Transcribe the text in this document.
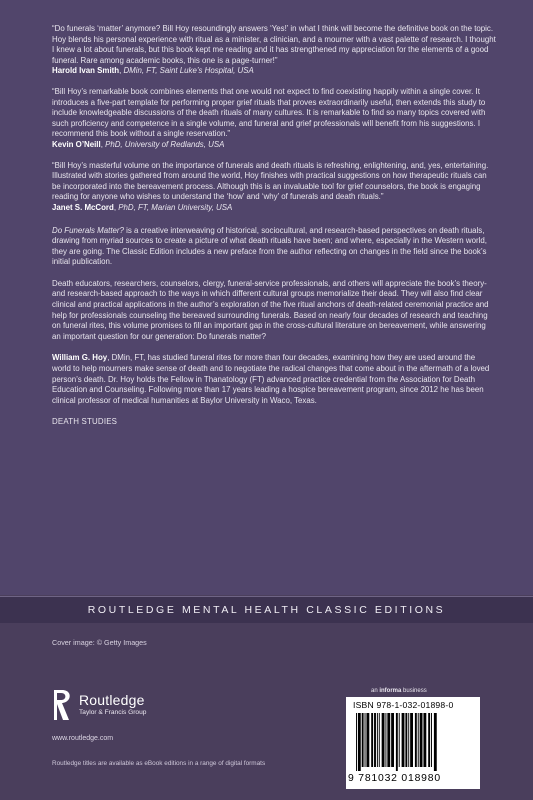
“Do funerals ‘matter’ anymore? Bill Hoy resoundingly answers ‘Yes!’ in what I think will become the definitive book on the topic. Hoy blends his personal experience with ritual as a minister, a clinician, and a mourner with a vast palette of research. I thought I knew a lot about funerals, but this book kept me reading and it has strengthened my appreciation for the elements of a good funeral. Rare among academic books, this one is a page-turner!”

Harold Ivan Smith, DMin, FT, Saint Luke’s Hospital, USA

“Bill Hoy’s remarkable book combines elements that one would not expect to find coexisting happily within a single cover. It introduces a five-part template for performing proper grief rituals that proves extraordinarily useful, then extends this study to include knowledgeable discussions of the death rituals of many cultures. It is remarkable to find so many topics covered with such proficiency and competence in a single volume, and funeral and grief professionals will benefit from his suggestions. I recommend this book without a single reservation.”

Kevin O’Neill, PhD, University of Redlands, USA

“Bill Hoy’s masterful volume on the importance of funerals and death rituals is refreshing, enlightening, and, yes, entertaining. Illustrated with stories gathered from around the world, Hoy finishes with practical suggestions on how therapeutic rituals can be incorporated into the bereavement process. Although this is an invaluable tool for grief counselors, the book is engaging reading for anyone who wishes to understand the ‘how’ and ‘why’ of funerals and death rituals.”

Janet S. McCord, PhD, FT, Marian University, USA

Do Funerals Matter? is a creative interweaving of historical, sociocultural, and research-based perspectives on death rituals, drawing from myriad sources to create a picture of what death rituals have been; and where, especially in the Western world, they are going. The Classic Edition includes a new preface from the author reflecting on changes in the field since the book’s initial publication.

Death educators, researchers, counselors, clergy, funeral-service professionals, and others will appreciate the book’s theory- and research-based approach to the ways in which different cultural groups memorialize their dead. They will also find clear clinical and practical applications in the author’s exploration of the five ritual anchors of death-related ceremonial practice and help for professionals counseling the bereaved surrounding funerals. Based on nearly four decades of research and teaching on funeral rites, this volume promises to fill an important gap in the cross-cultural literature on bereavement, while answering an important question for our generation: Do funerals matter?

William G. Hoy, DMin, FT, has studied funeral rites for more than four decades, examining how they are used around the world to help mourners make sense of death and to negotiate the radical changes that come about in the aftermath of a loved person’s death. Dr. Hoy holds the Fellow in Thanatology (FT) advanced practice credential from the Association for Death Education and Counseling. Following more than 17 years leading a hospice bereavement program, since 2012 he has been clinical professor of medical humanities at Baylor University in Waco, Texas.

DEATH STUDIES
ROUTLEDGE MENTAL HEALTH CLASSIC EDITIONS
Cover image: © Getty Images
Routledge
Taylor & Francis Group
www.routledge.com
Routledge titles are available as eBook editions in a range of digital formats
an informa business
ISBN 978-1-032-01898-0
9 781032 018980
